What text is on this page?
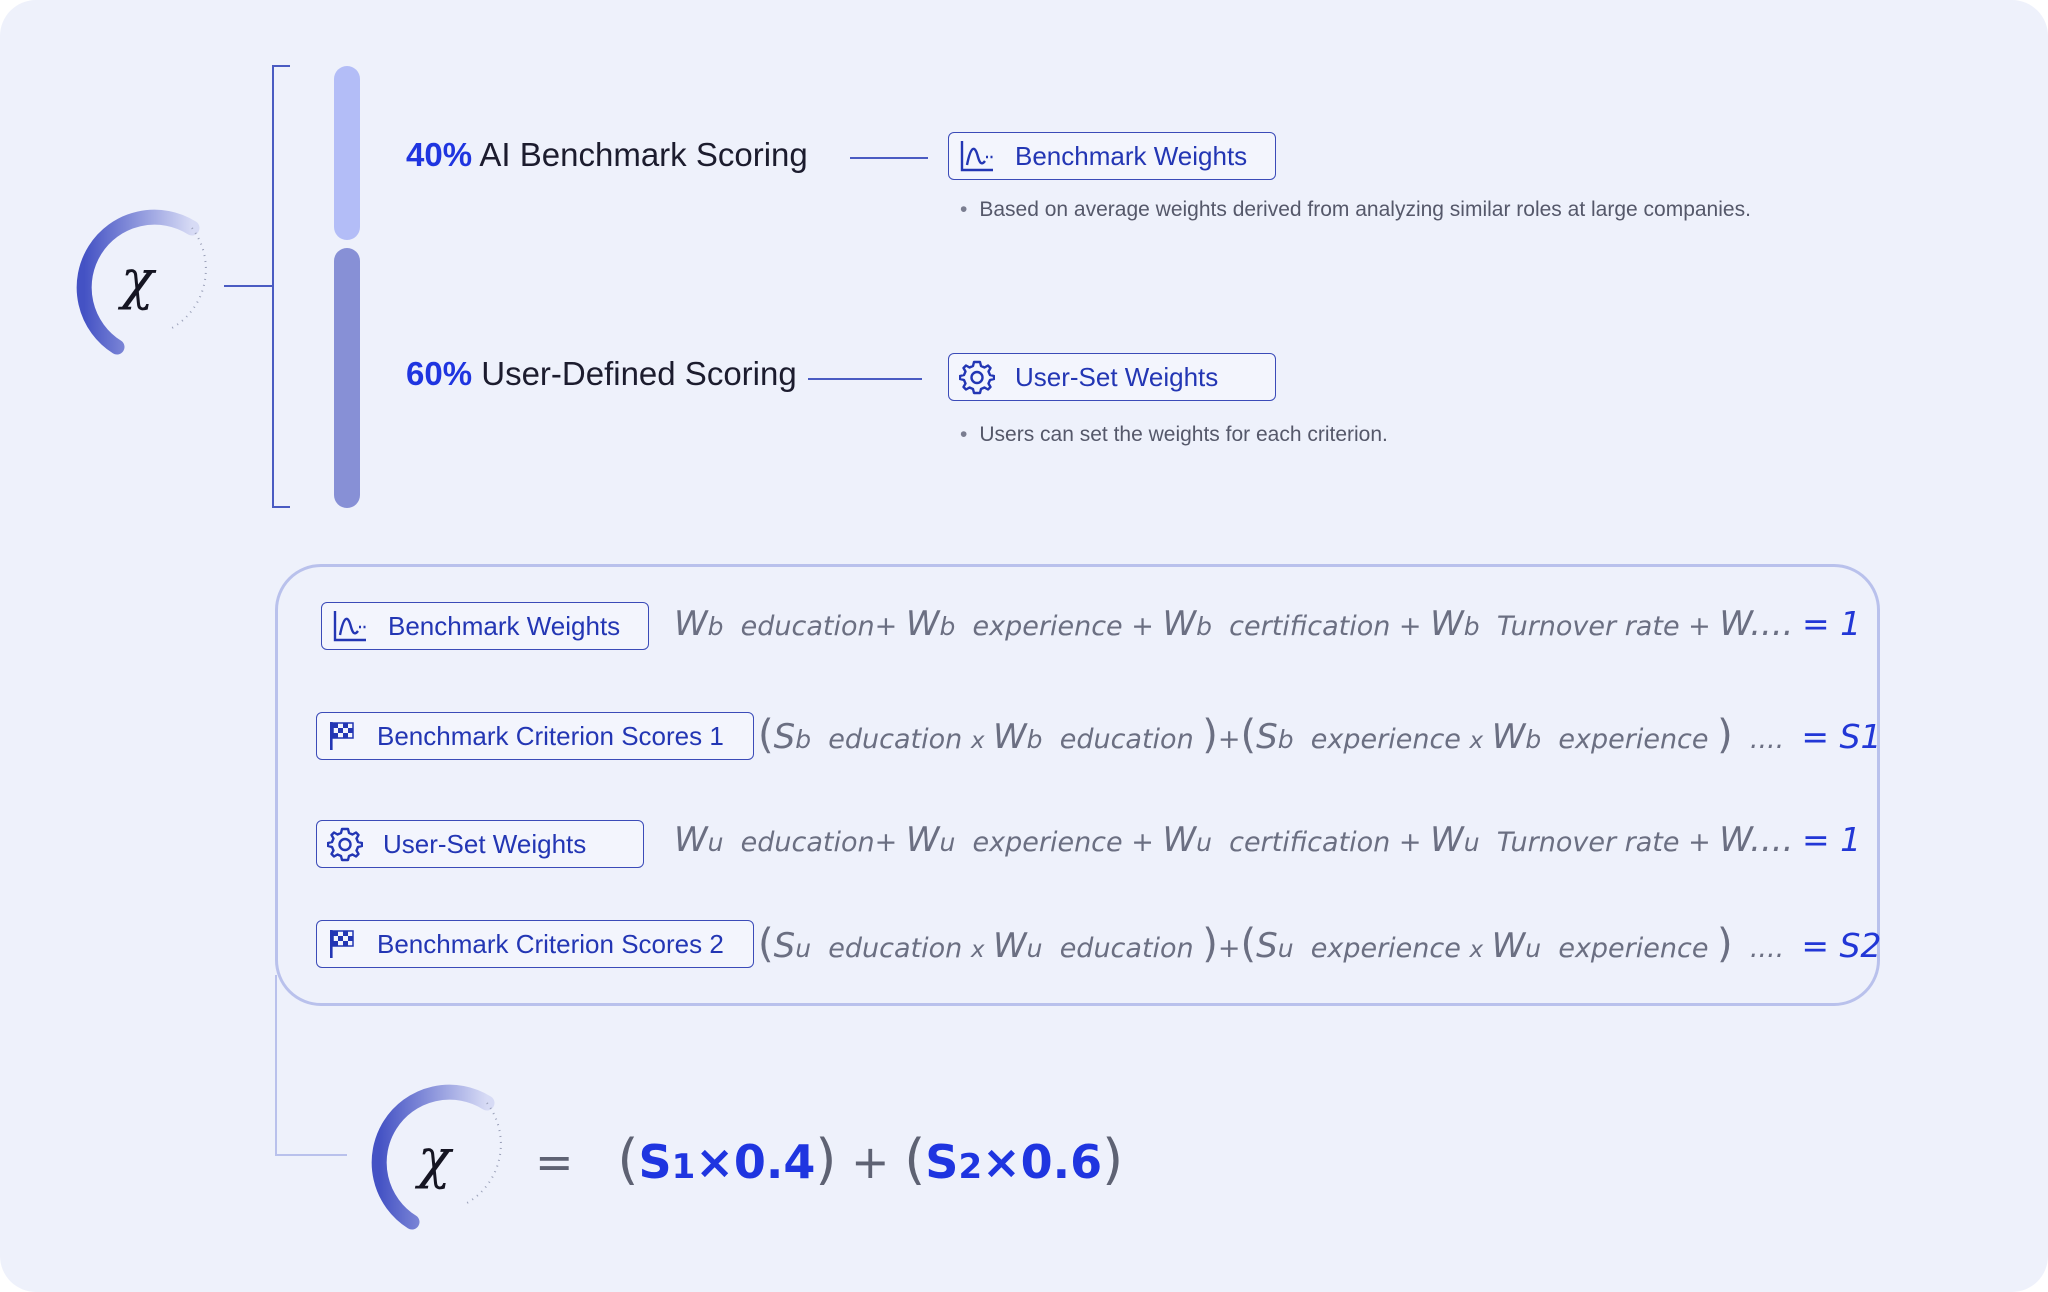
χ
40% AI Benchmark Scoring	Benchmark Weights
• Based on average weights derived from analyzing similar roles at large companies.
60% User-Defined Scoring	User-Set Weights
• Users can set the weights for each criterion.
Benchmark Weights Wb education+ Wb experience + Wb certification + Wb Turnover rate + W.... = 1
Benchmark Criterion Scores 1 (Sb education x Wb education )+(Sb experience x Wb experience ) .... = S1
User-Set Weights	Wu education+ Wu experience + Wu certification + Wu Turnover rate + W.... = 1
Benchmark Criterion Scores 2 (Su education x Wu education )+(Su experience x Wu experience ) .... = S2
χ = (S1×0.4) + (S2×0.6)
